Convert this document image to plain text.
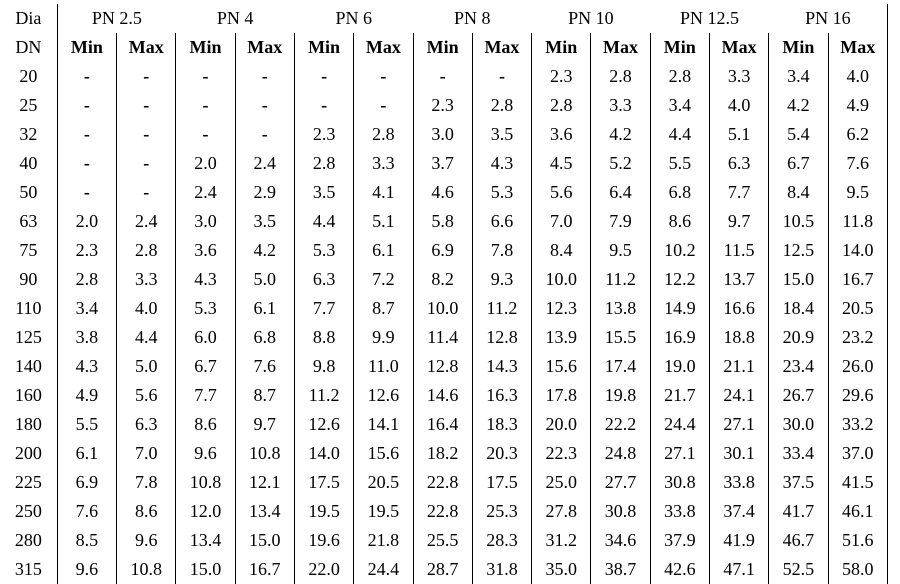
Dia	PN 2.5		PN 4		PN 6		PN 8		PN 10		PN 12.5		PN 16	
DN	Min	Max	Min	Max	Min	Max	Min	Max	Min	Max	Min	Max	Min	Max
20	-	-	-	-	-	-	-	-	2.3	2.8	2.8	3.3	3.4	4.0
25	-	-	-	-	-	-	2.3	2.8	2.8	3.3	3.4	4.0	4.2	4.9
32	-	-	-	-	2.3	2.8	3.0	3.5	3.6	4.2	4.4	5.1	5.4	6.2
40	-	-	2.0	2.4	2.8	3.3	3.7	4.3	4.5	5.2	5.5	6.3	6.7	7.6
50	-	-	2.4	2.9	3.5	4.1	4.6	5.3	5.6	6.4	6.8	7.7	8.4	9.5
63	2.0	2.4	3.0	3.5	4.4	5.1	5.8	6.6	7.0	7.9	8.6	9.7	10.5	11.8
75	2.3	2.8	3.6	4.2	5.3	6.1	6.9	7.8	8.4	9.5	10.2	11.5	12.5	14.0
90	2.8	3.3	4.3	5.0	6.3	7.2	8.2	9.3	10.0	11.2	12.2	13.7	15.0	16.7
110	3.4	4.0	5.3	6.1	7.7	8.7	10.0	11.2	12.3	13.8	14.9	16.6	18.4	20.5
125	3.8	4.4	6.0	6.8	8.8	9.9	11.4	12.8	13.9	15.5	16.9	18.8	20.9	23.2
140	4.3	5.0	6.7	7.6	9.8	11.0	12.8	14.3	15.6	17.4	19.0	21.1	23.4	26.0
160	4.9	5.6	7.7	8.7	11.2	12.6	14.6	16.3	17.8	19.8	21.7	24.1	26.7	29.6
180	5.5	6.3	8.6	9.7	12.6	14.1	16.4	18.3	20.0	22.2	24.4	27.1	30.0	33.2
200	6.1	7.0	9.6	10.8	14.0	15.6	18.2	20.3	22.3	24.8	27.1	30.1	33.4	37.0
225	6.9	7.8	10.8	12.1	17.5	20.5	22.8	17.5	25.0	27.7	30.8	33.8	37.5	41.5
250	7.6	8.6	12.0	13.4	19.5	19.5	22.8	25.3	27.8	30.8	33.8	37.4	41.7	46.1
280	8.5	9.6	13.4	15.0	19.6	21.8	25.5	28.3	31.2	34.6	37.9	41.9	46.7	51.6
315	9.6	10.8	15.0	16.7	22.0	24.4	28.7	31.8	35.0	38.7	42.6	47.1	52.5	58.0
